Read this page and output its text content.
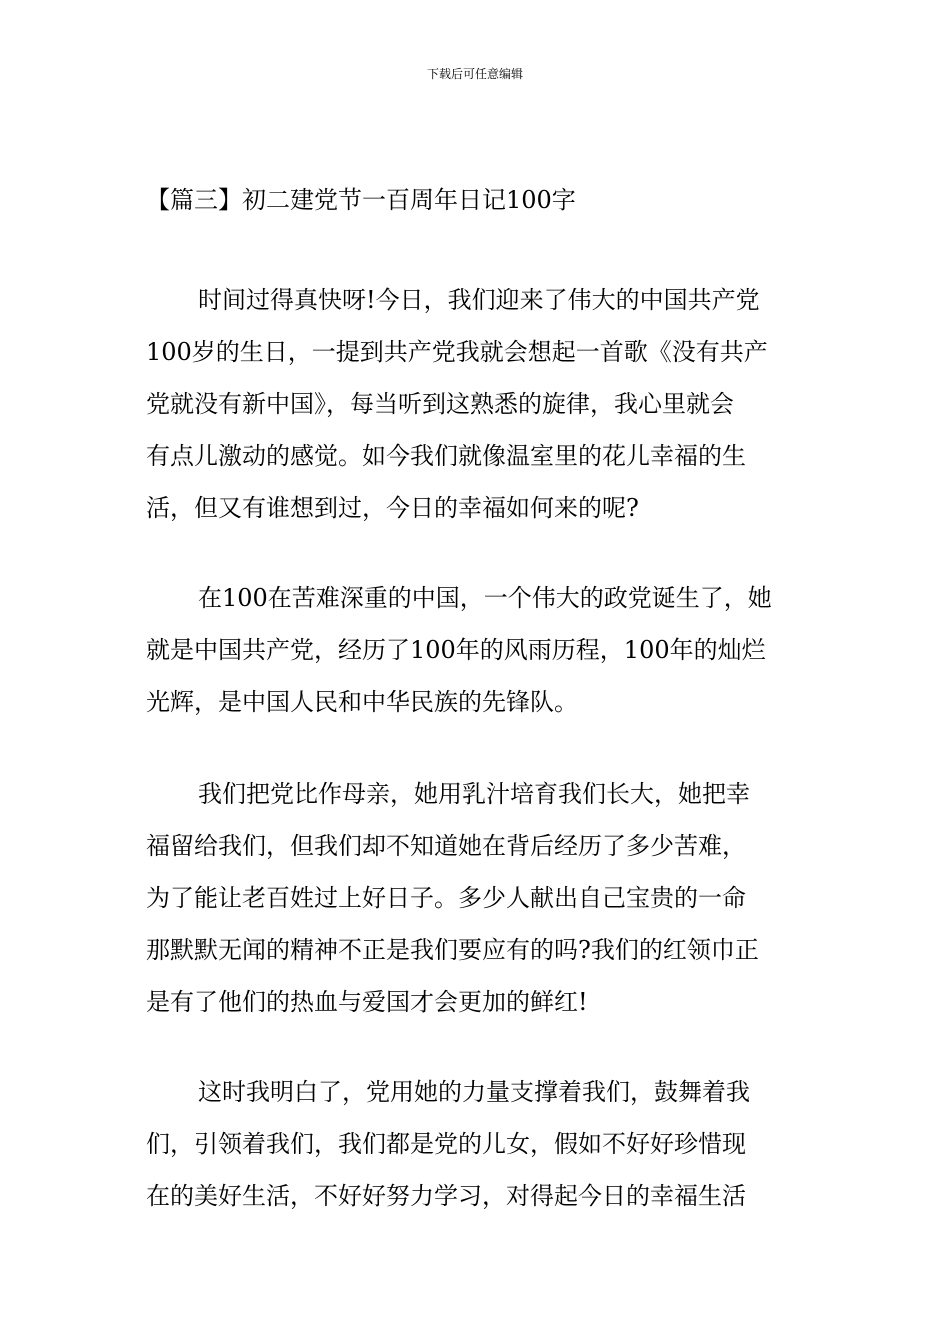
下载后可任意编辑
【篇三】初二建党节一百周年日记100字
时间过得真快呀!今日，我们迎来了伟大的中国共产党
100岁的生日，一提到共产党我就会想起一首歌《没有共产
党就没有新中国》，每当听到这熟悉的旋律，我心里就会
有点儿激动的感觉。如今我们就像温室里的花儿幸福的生
活，但又有谁想到过，今日的幸福如何来的呢?
在100在苦难深重的中国，一个伟大的政党诞生了，她
就是中国共产党，经历了100年的风雨历程，100年的灿烂
光辉，是中国人民和中华民族的先锋队。
我们把党比作母亲，她用乳汁培育我们长大，她把幸
福留给我们，但我们却不知道她在背后经历了多少苦难，
为了能让老百姓过上好日子。多少人献出自己宝贵的一命
那默默无闻的精神不正是我们要应有的吗?我们的红领巾正
是有了他们的热血与爱国才会更加的鲜红!
这时我明白了，党用她的力量支撑着我们，鼓舞着我
们，引领着我们，我们都是党的儿女，假如不好好珍惜现
在的美好生活，不好好努力学习，对得起今日的幸福生活
